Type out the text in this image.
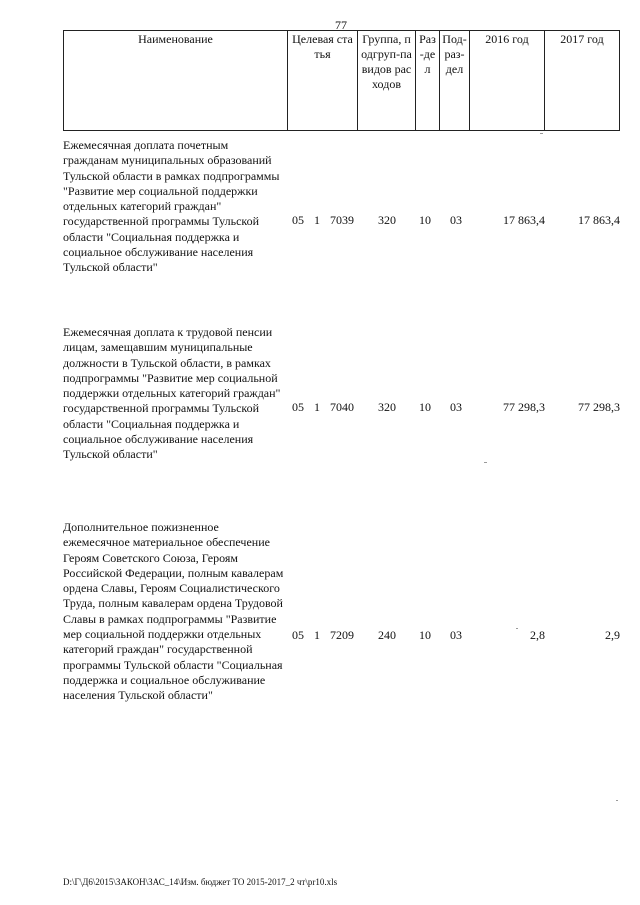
77
Наименование	Целевая статья	Группа, подгруп-па видов расходов	Раз-дел	Под-раз-дел	2016 год	2017 год
Ежемесячная доплата почетным гражданам муниципальных образований Тульской области в рамках подпрограммы "Развитие мер социальной поддержки отдельных категорий граждан" государственной программы Тульской области "Социальная поддержка и социальное обслуживание населения Тульской области"
05 1 7039 320 10 03	17 863,4	17 863,4
Ежемесячная доплата к трудовой пенсии лицам, замещавшим муниципальные должности в Тульской области, в рамках подпрограммы "Развитие мер социальной поддержки отдельных категорий граждан" государственной программы Тульской области "Социальная поддержка и социальное обслуживание населения Тульской области"
05 1 7040 320 10 03	77 298,3	77 298,3
Дополнительное пожизненное ежемесячное материальное обеспечение Героям Советского Союза, Героям Российской Федерации, полным кавалерам ордена Славы, Героям Социалистического Труда, полным кавалерам ордена Трудовой Славы в рамках подпрограммы "Развитие мер социальной поддержки отдельных категорий граждан" государственной программы Тульской области "Социальная поддержка и социальное обслуживание населения Тульской области"
05 1 7209 240 10 03	2,8	2,9
D:\Г\Д6\2015\ЗАКОН\ЗАС_14\Изм. бюджет ТО 2015-2017_2 чт\pr10.xls
